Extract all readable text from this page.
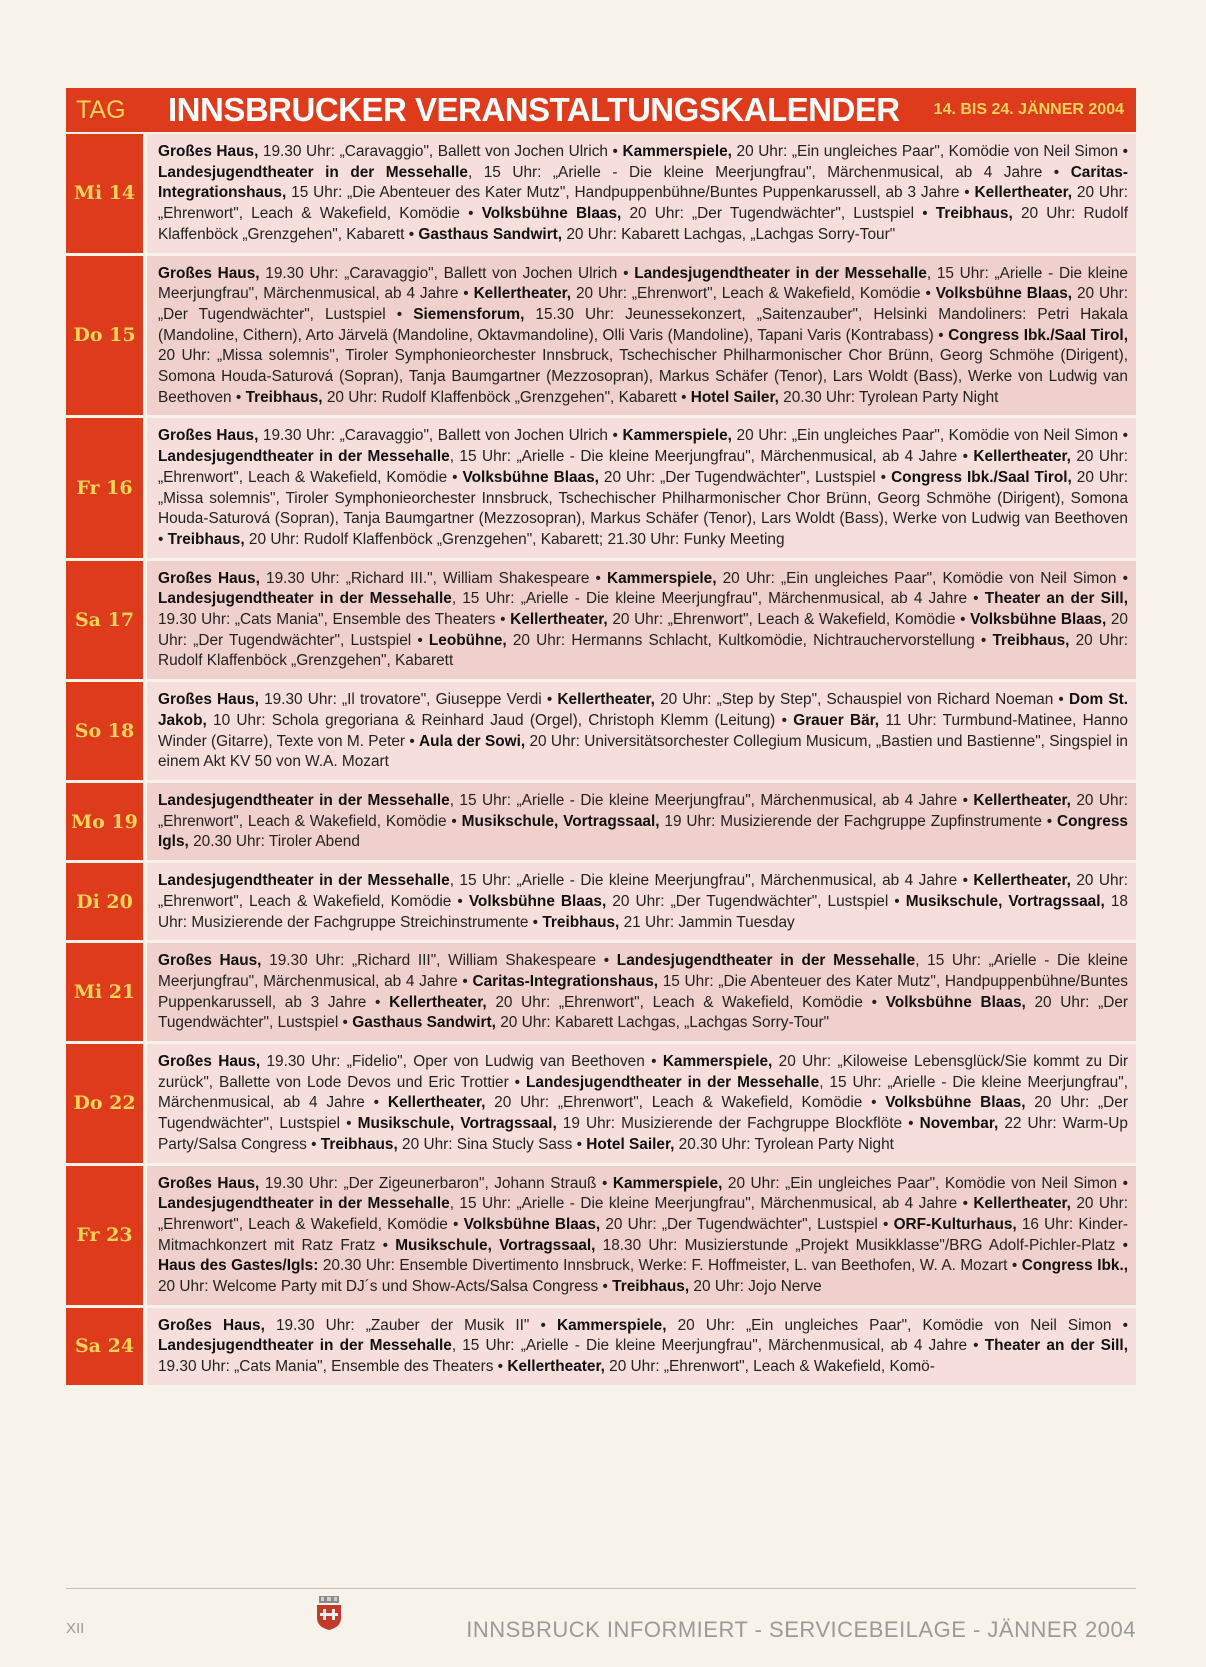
TAG	INNSBRUCKER VERANSTALTUNGSKALENDER 14. BIS 24. JÄNNER 2004
Mi 14
Großes Haus, 19.30 Uhr: „Caravaggio", Ballett von Jochen Ulrich • Kammerspiele, 20 Uhr: „Ein ungleiches Paar", Komödie von Neil Simon • Landesjugendtheater in der Messehalle, 15 Uhr: „Arielle - Die kleine Meerjungfrau", Märchenmusical, ab 4 Jahre • Caritas-Integrationshaus, 15 Uhr: „Die Abenteuer des Kater Mutz", Handpuppenbühne/Buntes Puppenkarussell, ab 3 Jahre • Kellertheater, 20 Uhr: „Ehrenwort", Leach & Wakefield, Komödie • Volksbühne Blaas, 20 Uhr: „Der Tugendwächter", Lustspiel • Treibhaus, 20 Uhr: Rudolf Klaffenböck „Grenzgehen", Kabarett • Gasthaus Sandwirt, 20 Uhr: Kabarett Lachgas, „Lachgas Sorry-Tour"
Do 15
Großes Haus, 19.30 Uhr: „Caravaggio", Ballett von Jochen Ulrich • Landesjugendtheater in der Messehalle, 15 Uhr: „Arielle - Die kleine Meerjungfrau", Märchenmusical, ab 4 Jahre • Kellertheater, 20 Uhr: „Ehrenwort", Leach & Wakefield, Komödie • Volksbühne Blaas, 20 Uhr: „Der Tugendwächter", Lustspiel • Siemensforum, 15.30 Uhr: Jeunessekonzert, „Saitenzauber", Helsinki Mandoliners: Petri Hakala (Mandoline, Cithern), Arto Järvelä (Mandoline, Oktavmandoline), Olli Varis (Mandoline), Tapani Varis (Kontrabass) • Congress Ibk./Saal Tirol, 20 Uhr: „Missa solemnis", Tiroler Symphonieorchester Innsbruck, Tschechischer Philharmonischer Chor Brünn, Georg Schmöhe (Dirigent), Somona Houda-Saturová (Sopran), Tanja Baumgartner (Mezzosopran), Markus Schäfer (Tenor), Lars Woldt (Bass), Werke von Ludwig van Beethoven • Treibhaus, 20 Uhr: Rudolf Klaffenböck „Grenzgehen", Kabarett • Hotel Sailer, 20.30 Uhr: Tyrolean Party Night
Fr 16
Großes Haus, 19.30 Uhr: „Caravaggio", Ballett von Jochen Ulrich • Kammerspiele, 20 Uhr: „Ein ungleiches Paar", Komödie von Neil Simon • Landesjugendtheater in der Messehalle, 15 Uhr: „Arielle - Die kleine Meerjungfrau", Märchenmusical, ab 4 Jahre • Kellertheater, 20 Uhr: „Ehrenwort", Leach & Wakefield, Komödie • Volksbühne Blaas, 20 Uhr: „Der Tugendwächter", Lustspiel • Congress Ibk./Saal Tirol, 20 Uhr: „Missa solemnis", Tiroler Symphonieorchester Innsbruck, Tschechischer Philharmonischer Chor Brünn, Georg Schmöhe (Dirigent), Somona Houda-Saturová (Sopran), Tanja Baumgartner (Mezzosopran), Markus Schäfer (Tenor), Lars Woldt (Bass), Werke von Ludwig van Beethoven • Treibhaus, 20 Uhr: Rudolf Klaffenböck „Grenzgehen", Kabarett; 21.30 Uhr: Funky Meeting
Sa 17
Großes Haus, 19.30 Uhr: „Richard III.", William Shakespeare • Kammerspiele, 20 Uhr: „Ein ungleiches Paar", Komödie von Neil Simon • Landesjugendtheater in der Messehalle, 15 Uhr: „Arielle - Die kleine Meerjungfrau", Märchenmusical, ab 4 Jahre • Theater an der Sill, 19.30 Uhr: „Cats Mania", Ensemble des Theaters • Kellertheater, 20 Uhr: „Ehrenwort", Leach & Wakefield, Komödie • Volksbühne Blaas, 20 Uhr: „Der Tugendwächter", Lustspiel • Leobühne, 20 Uhr: Hermanns Schlacht, Kultkomödie, Nichtrauchervorstellung • Treibhaus, 20 Uhr: Rudolf Klaffenböck „Grenzgehen", Kabarett
So 18
Großes Haus, 19.30 Uhr: „Il trovatore", Giuseppe Verdi • Kellertheater, 20 Uhr: „Step by Step", Schauspiel von Richard Noeman • Dom St. Jakob, 10 Uhr: Schola gregoriana & Reinhard Jaud (Orgel), Christoph Klemm (Leitung) • Grauer Bär, 11 Uhr: Turmbund-Matinee, Hanno Winder (Gitarre), Texte von M. Peter • Aula der Sowi, 20 Uhr: Universitätsorchester Collegium Musicum, „Bastien und Bastienne", Singspiel in einem Akt KV 50 von W.A. Mozart
Mo 19
Landesjugendtheater in der Messehalle, 15 Uhr: „Arielle - Die kleine Meerjungfrau", Märchenmusical, ab 4 Jahre • Kellertheater, 20 Uhr: „Ehrenwort", Leach & Wakefield, Komödie • Musikschule, Vortragssaal, 19 Uhr: Musizierende der Fachgruppe Zupfinstrumente • Congress Igls, 20.30 Uhr: Tiroler Abend
Di 20
Landesjugendtheater in der Messehalle, 15 Uhr: „Arielle - Die kleine Meerjungfrau", Märchenmusical, ab 4 Jahre • Kellertheater, 20 Uhr: „Ehrenwort", Leach & Wakefield, Komödie • Volksbühne Blaas, 20 Uhr: „Der Tugendwächter", Lustspiel • Musikschule, Vortragssaal, 18 Uhr: Musizierende der Fachgruppe Streichinstrumente • Treibhaus, 21 Uhr: Jammin Tuesday
Mi 21
Großes Haus, 19.30 Uhr: „Richard III", William Shakespeare • Landesjugendtheater in der Messehalle, 15 Uhr: „Arielle - Die kleine Meerjungfrau", Märchenmusical, ab 4 Jahre • Caritas-Integrationshaus, 15 Uhr: „Die Abenteuer des Kater Mutz", Handpuppenbühne/Buntes Puppenkarussell, ab 3 Jahre • Kellertheater, 20 Uhr: „Ehrenwort", Leach & Wakefield, Komödie • Volksbühne Blaas, 20 Uhr: „Der Tugendwächter", Lustspiel • Gasthaus Sandwirt, 20 Uhr: Kabarett Lachgas, „Lachgas Sorry-Tour"
Do 22
Großes Haus, 19.30 Uhr: „Fidelio", Oper von Ludwig van Beethoven • Kammerspiele, 20 Uhr: „Kiloweise Lebensglück/Sie kommt zu Dir zurück", Ballette von Lode Devos und Eric Trottier • Landesjugendtheater in der Messehalle, 15 Uhr: „Arielle - Die kleine Meerjungfrau", Märchenmusical, ab 4 Jahre • Kellertheater, 20 Uhr: „Ehrenwort", Leach & Wakefield, Komödie • Volksbühne Blaas, 20 Uhr: „Der Tugendwächter", Lustspiel • Musikschule, Vortragssaal, 19 Uhr: Musizierende der Fachgruppe Blockflöte • Novembar, 22 Uhr: Warm-Up Party/Salsa Congress • Treibhaus, 20 Uhr: Sina Stucly Sass • Hotel Sailer, 20.30 Uhr: Tyrolean Party Night
Fr 23
Großes Haus, 19.30 Uhr: „Der Zigeunerbaron", Johann Strauß • Kammerspiele, 20 Uhr: „Ein ungleiches Paar", Komödie von Neil Simon • Landesjugendtheater in der Messehalle, 15 Uhr: „Arielle - Die kleine Meerjungfrau", Märchenmusical, ab 4 Jahre • Kellertheater, 20 Uhr: „Ehrenwort", Leach & Wakefield, Komödie • Volksbühne Blaas, 20 Uhr: „Der Tugendwächter", Lustspiel • ORF-Kulturhaus, 16 Uhr: Kinder-Mitmachkonzert mit Ratz Fratz • Musikschule, Vortragssaal, 18.30 Uhr: Musizierstunde „Projekt Musikklasse"/BRG Adolf-Pichler-Platz • Haus des Gastes/Igls: 20.30 Uhr: Ensemble Divertimento Innsbruck, Werke: F. Hoffmeister, L. van Beethofen, W. A. Mozart • Congress Ibk., 20 Uhr: Welcome Party mit DJ´s und Show-Acts/Salsa Congress • Treibhaus, 20 Uhr: Jojo Nerve
Sa 24
Großes Haus, 19.30 Uhr: „Zauber der Musik II" • Kammerspiele, 20 Uhr: „Ein ungleiches Paar", Komödie von Neil Simon • Landesjugendtheater in der Messehalle, 15 Uhr: „Arielle - Die kleine Meerjungfrau", Märchenmusical, ab 4 Jahre • Theater an der Sill, 19.30 Uhr: „Cats Mania", Ensemble des Theaters • Kellertheater, 20 Uhr: „Ehrenwort", Leach & Wakefield, Komö-
XII	INNSBRUCK INFORMIERT - SERVICEBEILAGE - JÄNNER 2004
